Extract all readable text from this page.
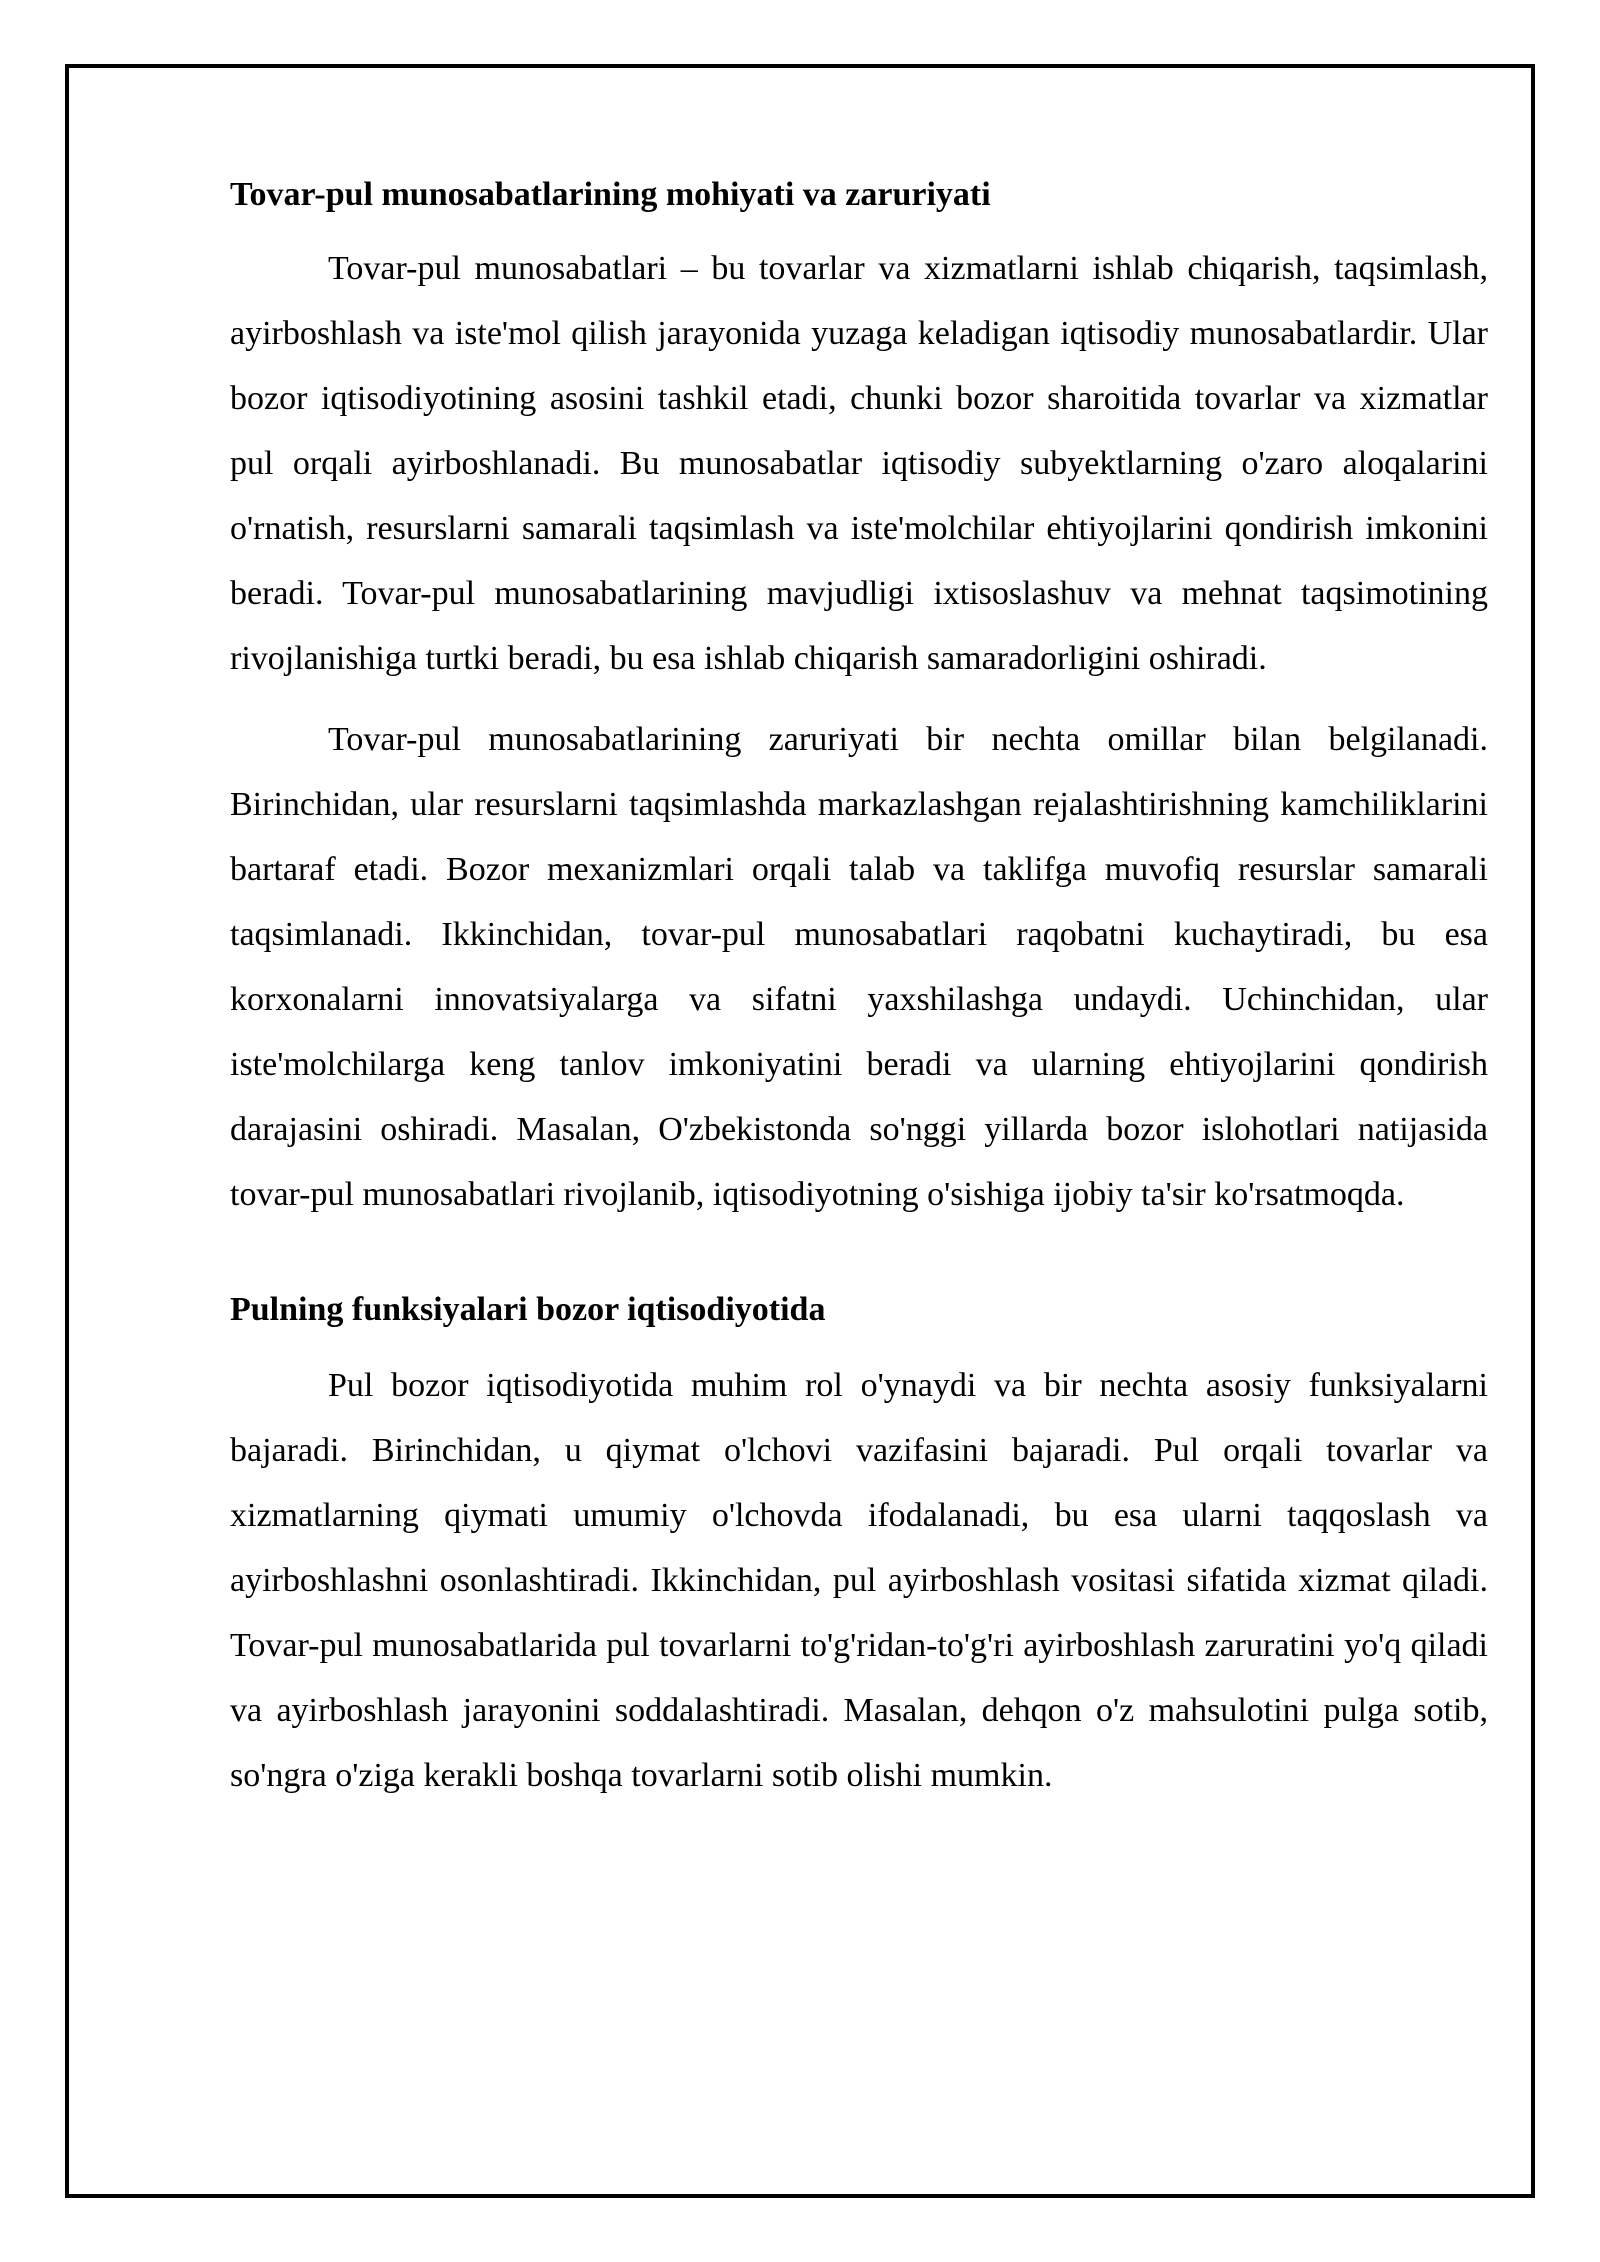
Tovar-pul munosabatlarining mohiyati va zaruriyati

Tovar-pul munosabatlari – bu tovarlar va xizmatlarni ishlab chiqarish, taqsimlash, ayirboshlash va iste'mol qilish jarayonida yuzaga keladigan iqtisodiy munosabatlardir. Ular bozor iqtisodiyotining asosini tashkil etadi, chunki bozor sharoitida tovarlar va xizmatlar pul orqali ayirboshlanadi. Bu munosabatlar iqtisodiy subyektlarning o'zaro aloqalarini o'rnatish, resurslarni samarali taqsimlash va iste'molchilar ehtiyojlarini qondirish imkonini beradi. Tovar-pul munosabatlarining mavjudligi ixtisoslashuv va mehnat taqsimotining rivojlanishiga turtki beradi, bu esa ishlab chiqarish samaradorligini oshiradi.

Tovar-pul munosabatlarining zaruriyati bir nechta omillar bilan belgilanadi. Birinchidan, ular resurslarni taqsimlashda markazlashgan rejalashtirishning kamchiliklarini bartaraf etadi. Bozor mexanizmlari orqali talab va taklifga muvofiq resurslar samarali taqsimlanadi. Ikkinchidan, tovar-pul munosabatlari raqobatni kuchaytiradi, bu esa korxonalarni innovatsiyalarga va sifatni yaxshilashga undaydi. Uchinchidan, ular iste'molchilarga keng tanlov imkoniyatini beradi va ularning ehtiyojlarini qondirish darajasini oshiradi. Masalan, O'zbekistonda so'nggi yillarda bozor islohotlari natijasida tovar-pul munosabatlari rivojlanib, iqtisodiyotning o'sishiga ijobiy ta'sir ko'rsatmoqda.

Pulning funksiyalari bozor iqtisodiyotida

Pul bozor iqtisodiyotida muhim rol o'ynaydi va bir nechta asosiy funksiyalarni bajaradi. Birinchidan, u qiymat o'lchovi vazifasini bajaradi. Pul orqali tovarlar va xizmatlarning qiymati umumiy o'lchovda ifodalanadi, bu esa ularni taqqoslash va ayirboshlashni osonlashtiradi. Ikkinchidan, pul ayirboshlash vositasi sifatida xizmat qiladi. Tovar-pul munosabatlarida pul tovarlarni to'g'ridan-to'g'ri ayirboshlash zaruratini yo'q qiladi va ayirboshlash jarayonini soddalashtiradi. Masalan, dehqon o'z mahsulotini pulga sotib, so'ngra o'ziga kerakli boshqa tovarlarni sotib olishi mumkin.
